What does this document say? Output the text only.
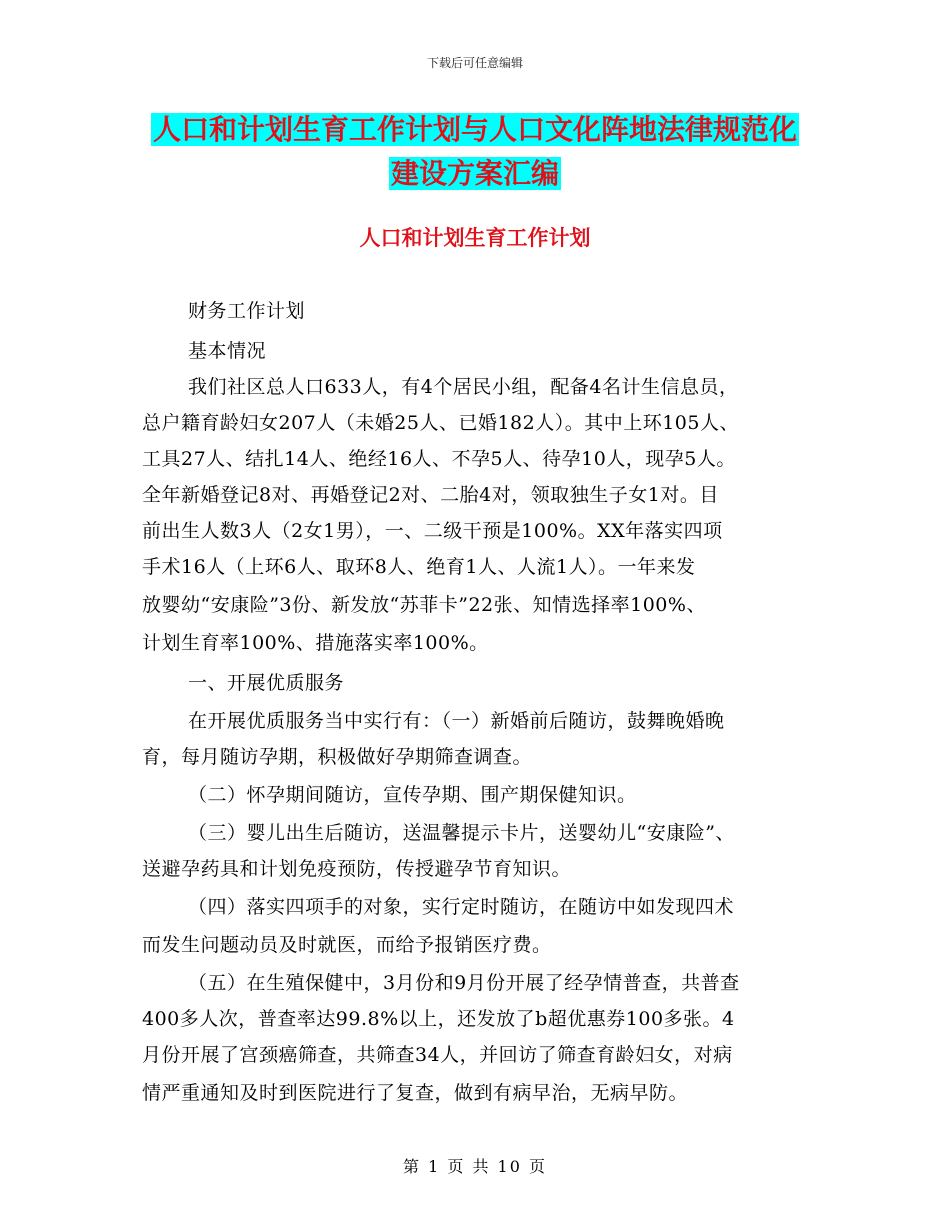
下载后可任意编辑
人口和计划生育工作计划与人口文化阵地法律规范化
建设方案汇编
人口和计划生育工作计划
财务工作计划
基本情况
我们社区总人口633人，有4个居民小组，配备4名计生信息员，
总户籍育龄妇女207人（未婚25人、已婚182人）。其中上环105人、
工具27人、结扎14人、绝经16人、不孕5人、待孕10人，现孕5人。
全年新婚登记8对、再婚登记2对、二胎4对，领取独生子女1对。目
前出生人数3人（2女1男），一、二级干预是100%。XX年落实四项
手术16人（上环6人、取环8人、绝育1人、人流1人）。一年来发
放婴幼“安康险”3份、新发放“苏菲卡”22张、知情选择率100%、
计划生育率100%、措施落实率100%。
一、开展优质服务
在开展优质服务当中实行有：（一）新婚前后随访，鼓舞晚婚晚
育，每月随访孕期，积极做好孕期筛查调查。
（二）怀孕期间随访，宣传孕期、围产期保健知识。
（三）婴儿出生后随访，送温馨提示卡片，送婴幼儿“安康险”、
送避孕药具和计划免疫预防，传授避孕节育知识。
（四）落实四项手的对象，实行定时随访，在随访中如发现四术
而发生问题动员及时就医，而给予报销医疗费。
（五）在生殖保健中，3月份和9月份开展了经孕情普查，共普查
400多人次，普查率达99.8%以上，还发放了b超优惠券100多张。4
月份开展了宫颈癌筛查，共筛查34人，并回访了筛查育龄妇女，对病
情严重通知及时到医院进行了复查，做到有病早治，无病早防。
第 1 页 共 10 页
